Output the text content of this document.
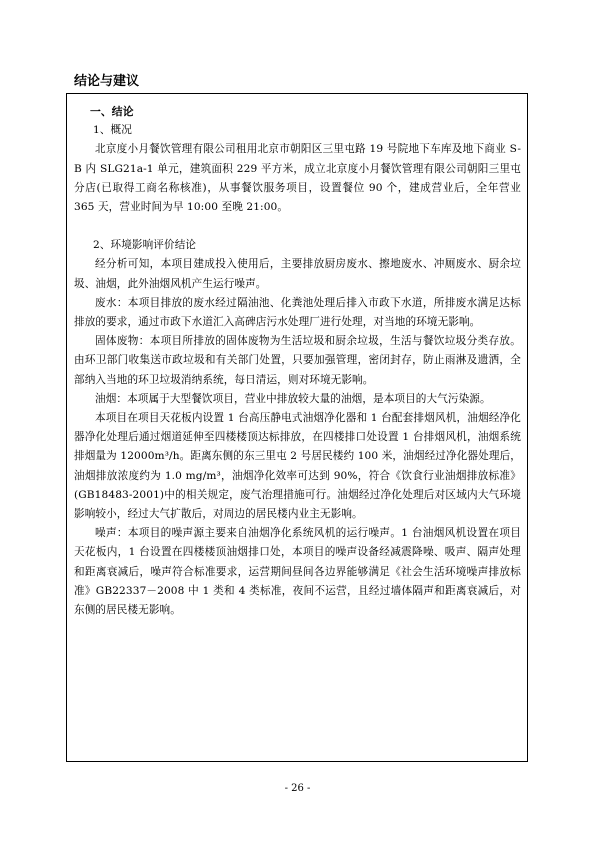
结论与建议

一、结论

1、概况

北京度小月餐饮管理有限公司租用北京市朝阳区三里屯路 19 号院地下车库及地下商业 S-B 内 SLG21a-1 单元，建筑面积 229 平方米，成立北京度小月餐饮管理有限公司朝阳三里屯分店(已取得工商名称核准)，从事餐饮服务项目，设置餐位 90 个，建成营业后，全年营业 365 天，营业时间为早 10:00 至晚 21:00。

2、环境影响评价结论

经分析可知，本项目建成投入使用后，主要排放厨房废水、擦地废水、冲厕废水、厨余垃圾、油烟，此外油烟风机产生运行噪声。

废水：本项目排放的废水经过隔油池、化粪池处理后排入市政下水道，所排废水满足达标排放的要求，通过市政下水道汇入高碑店污水处理厂进行处理，对当地的环境无影响。

固体废物：本项目所排放的固体废物为生活垃圾和厨余垃圾，生活与餐饮垃圾分类存放。由环卫部门收集送市政垃圾和有关部门处置，只要加强管理，密闭封存，防止雨淋及遗洒，全部纳入当地的环卫垃圾消纳系统，每日清运，则对环境无影响。

油烟：本项属于大型餐饮项目，营业中排放较大量的油烟，是本项目的大气污染源。

本项目在项目天花板内设置 1 台高压静电式油烟净化器和 1 台配套排烟风机，油烟经净化器净化处理后通过烟道延伸至四楼楼顶达标排放，在四楼排口处设置 1 台排烟风机，油烟系统排烟量为 12000m³/h。距离东侧的东三里屯 2 号居民楼约 100 米，油烟经过净化器处理后，油烟排放浓度约为 1.0 mg/m³，油烟净化效率可达到 90%，符合《饮食行业油烟排放标准》(GB18483-2001)中的相关规定，废气治理措施可行。油烟经过净化处理后对区域内大气环境影响较小，经过大气扩散后，对周边的居民楼内业主无影响。

噪声：本项目的噪声源主要来自油烟净化系统风机的运行噪声。1 台油烟风机设置在项目天花板内，1 台设置在四楼楼顶油烟排口处，本项目的噪声设备经减震降噪、吸声、隔声处理和距离衰减后，噪声符合标准要求，运营期间昼间各边界能够满足《社会生活环境噪声排放标准》GB22337－2008 中 1 类和 4 类标准，夜间不运营，且经过墙体隔声和距离衰减后，对东侧的居民楼无影响。

- 26 -
